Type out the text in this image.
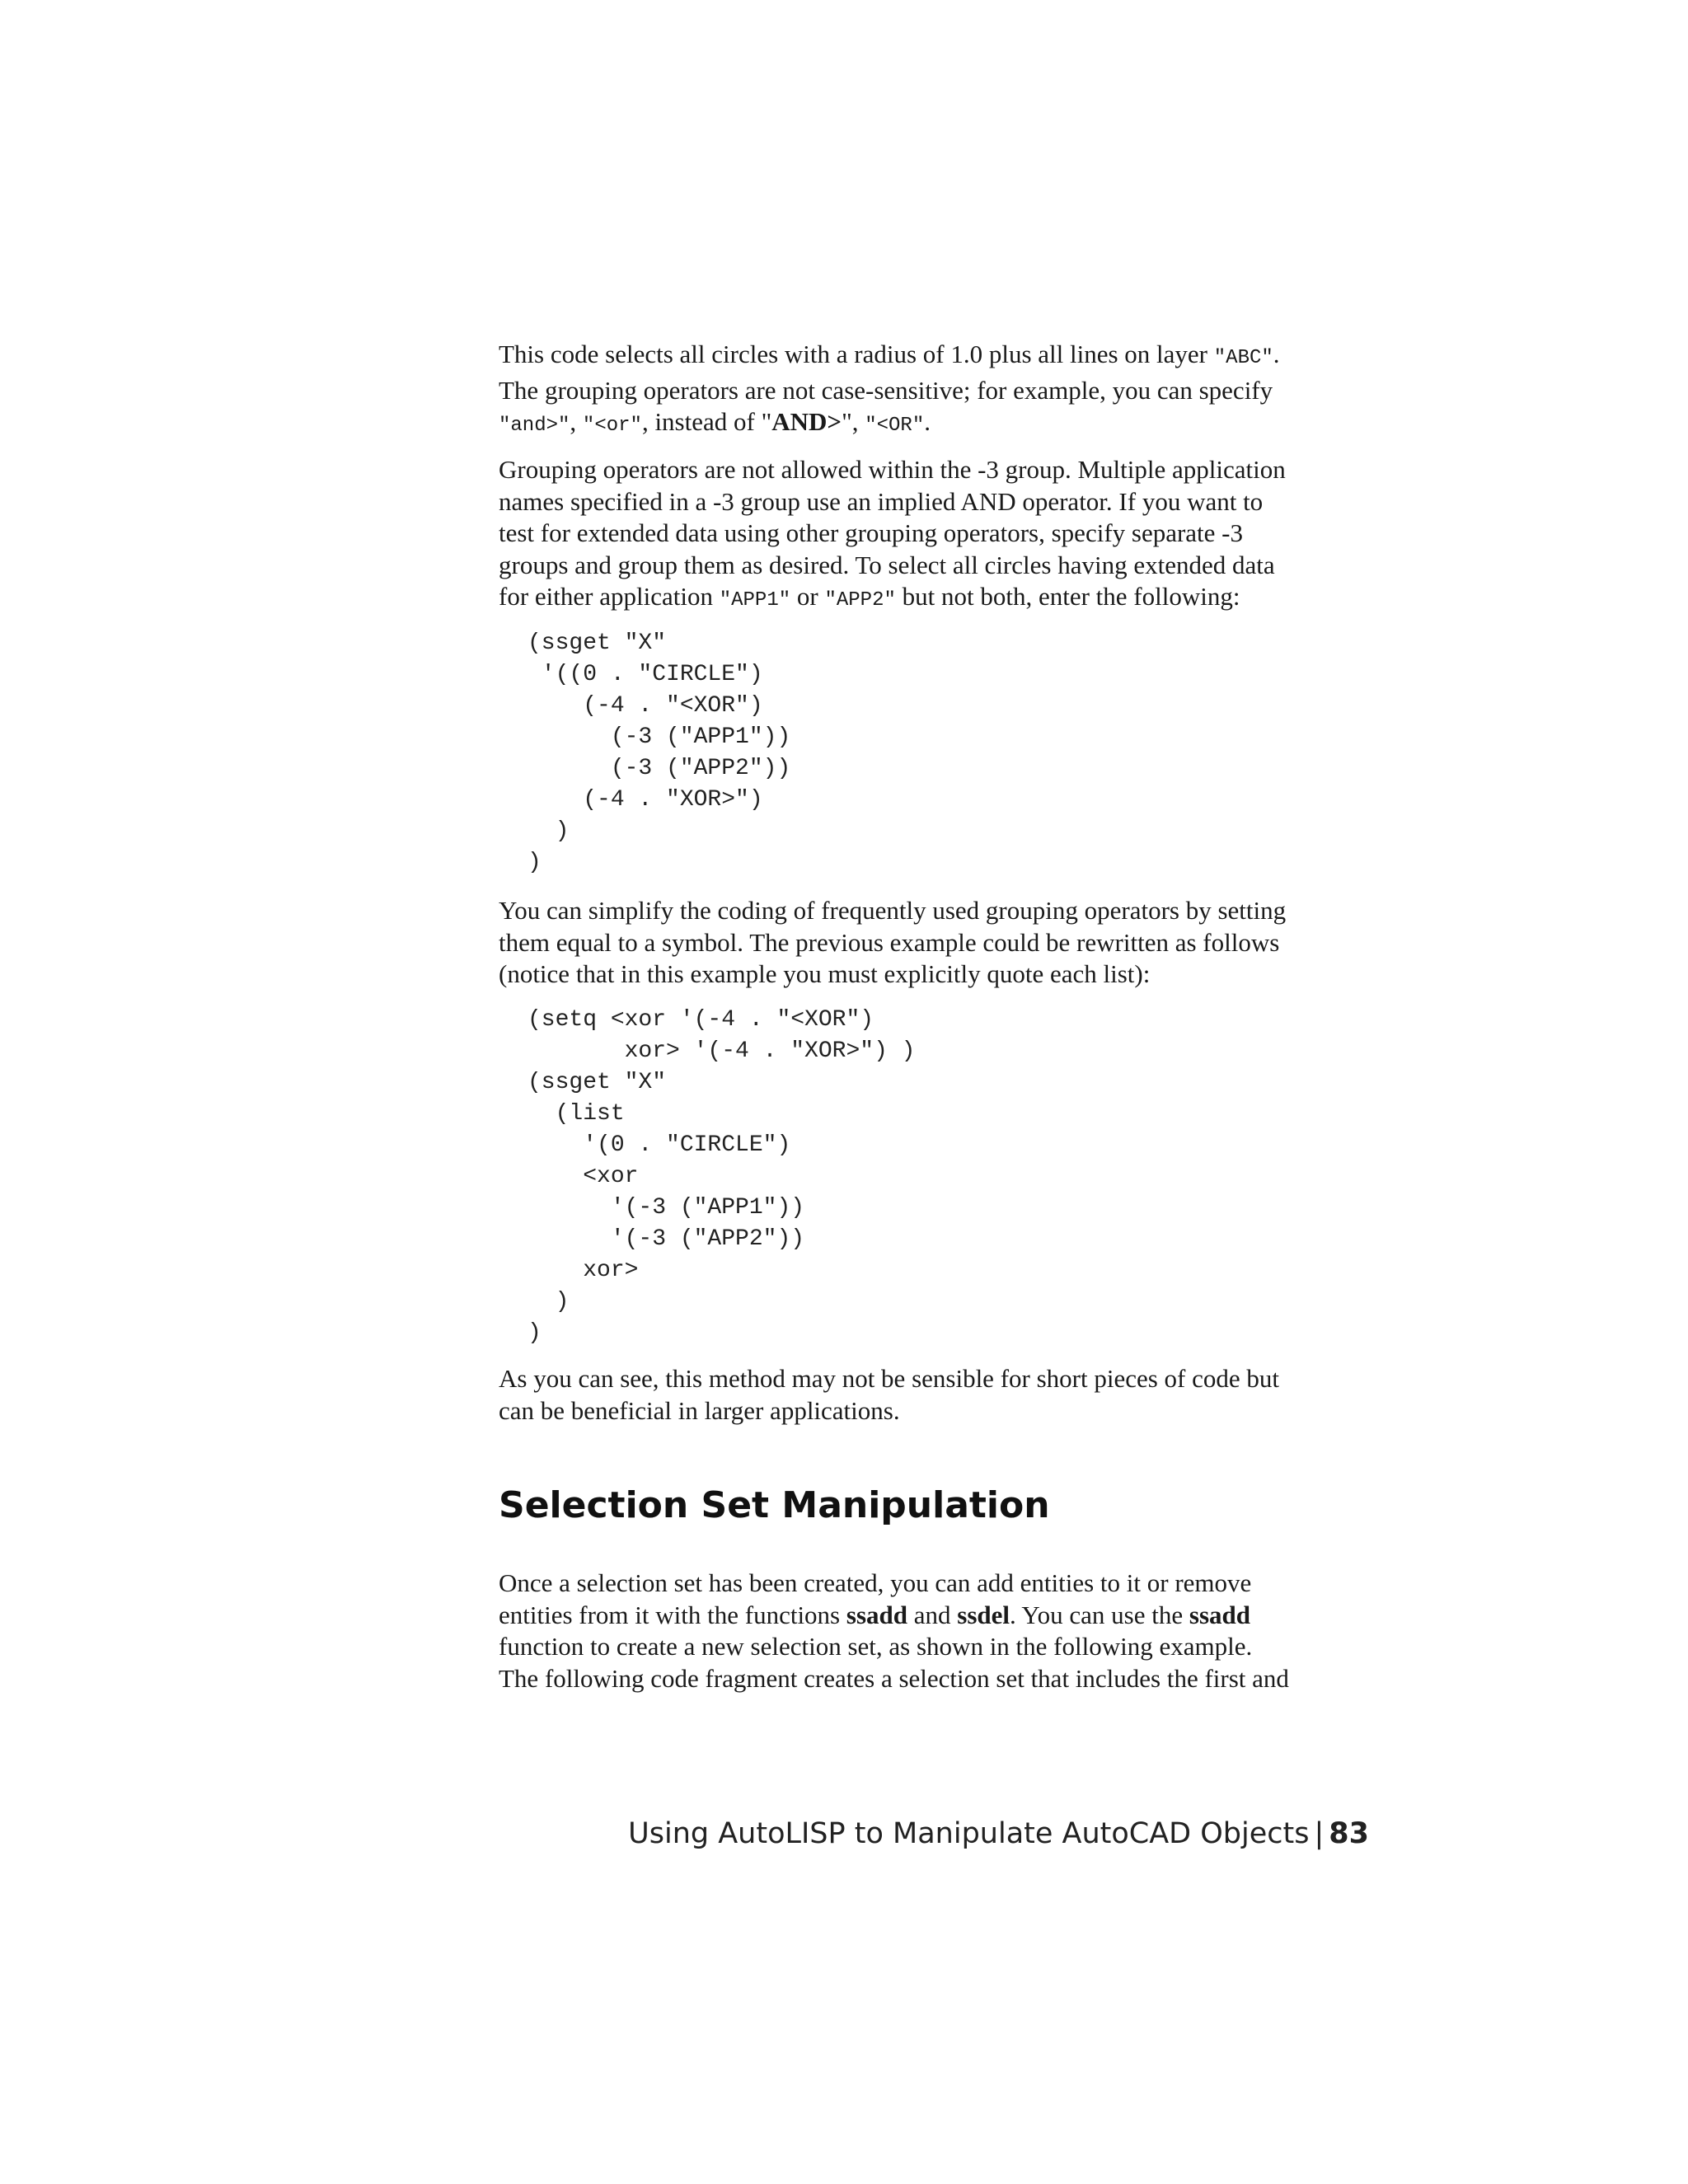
This code selects all circles with a radius of 1.0 plus all lines on layer "ABC".

The grouping operators are not case-sensitive; for example, you can specify

"and>", "<or", instead of "AND>", "<OR".

Grouping operators are not allowed within the -3 group. Multiple application

names specified in a -3 group use an implied AND operator. If you want to

test for extended data using other grouping operators, specify separate -3

groups and group them as desired. To select all circles having extended data

for either application "APP1" or "APP2" but not both, enter the following:

(ssget "X"
'((0 . "CIRCLE")
(-4 . "<XOR")
(-3 ("APP1"))
(-3 ("APP2"))
(-4 . "XOR>")
)
)

You can simplify the coding of frequently used grouping operators by setting

them equal to a symbol. The previous example could be rewritten as follows

(notice that in this example you must explicitly quote each list):

(setq <xor '(-4 . "<XOR")
xor> '(-4 . "XOR>") )
(ssget "X"
(list
'(0 . "CIRCLE")
<xor
'(-3 ("APP1"))
'(-3 ("APP2"))
xor>
)
)

As you can see, this method may not be sensible for short pieces of code but

can be beneficial in larger applications.

Selection Set Manipulation

Once a selection set has been created, you can add entities to it or remove

entities from it with the functions ssadd and ssdel. You can use the ssadd

function to create a new selection set, as shown in the following example.

The following code fragment creates a selection set that includes the first and

Using AutoLISP to Manipulate AutoCAD Objects | 83
